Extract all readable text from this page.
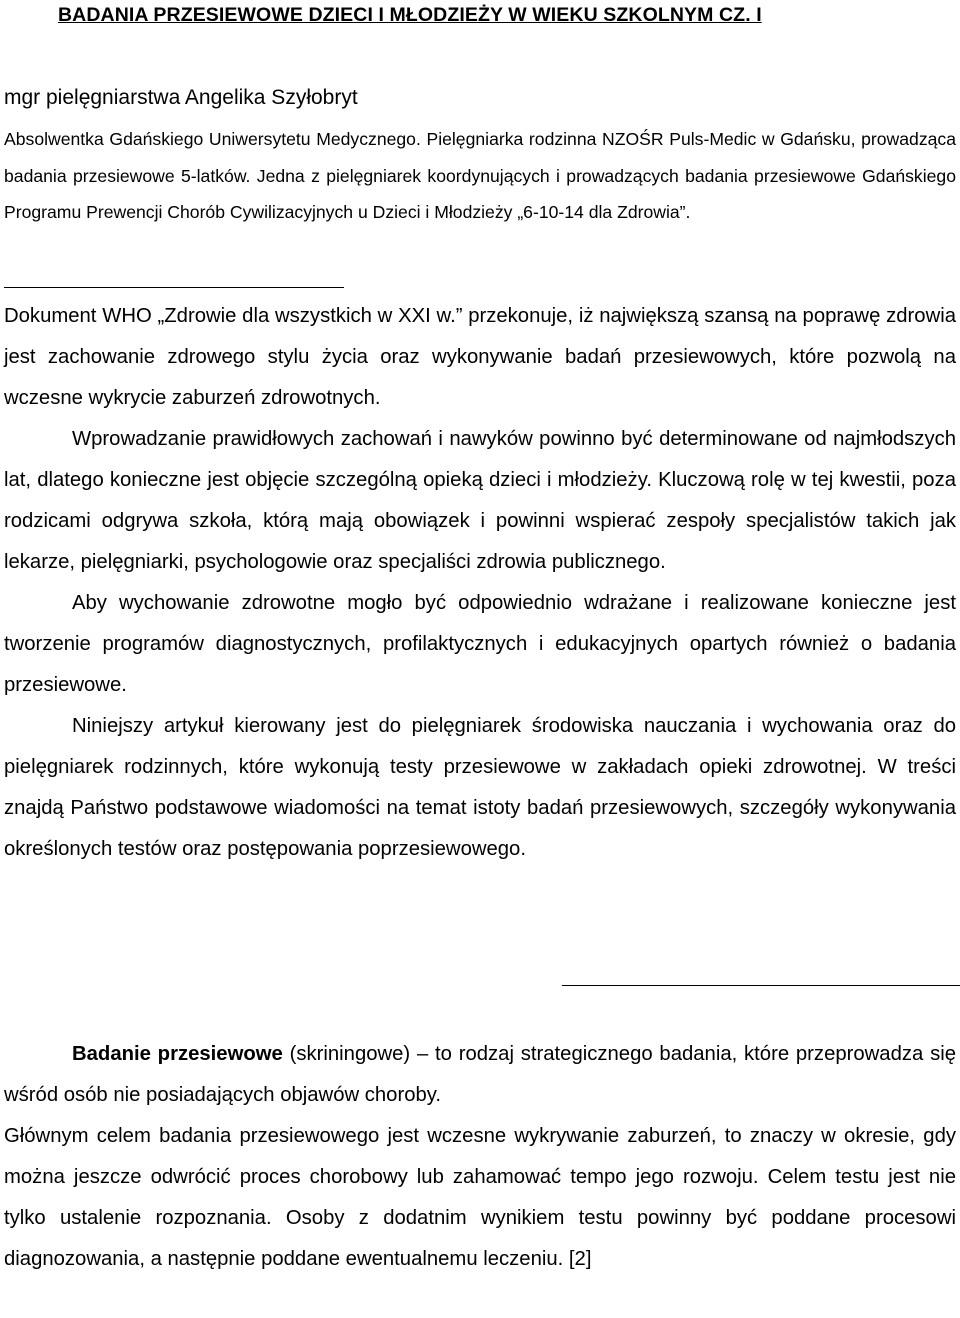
BADANIA PRZESIEWOWE DZIECI I MŁODZIEŻY W WIEKU SZKOLNYM CZ. I
mgr pielęgniarstwa Angelika Szyłobryt
Absolwentka Gdańskiego Uniwersytetu Medycznego. Pielęgniarka rodzinna NZOŚR Puls-Medic w Gdańsku, prowadząca badania przesiewowe 5-latków. Jedna z pielęgniarek koordynujących i prowadzących badania przesiewowe Gdańskiego Programu Prewencji Chorób Cywilizacyjnych u Dzieci i Młodzieży „6-10-14 dla Zdrowia”.

Dokument WHO „Zdrowie dla wszystkich w XXI w.” przekonuje, iż największą szansą na poprawę zdrowia jest zachowanie zdrowego stylu życia oraz wykonywanie badań przesiewowych, które pozwolą na wczesne wykrycie zaburzeń zdrowotnych.

Wprowadzanie prawidłowych zachowań i nawyków powinno być determinowane od najmłodszych lat, dlatego konieczne jest objęcie szczególną opieką dzieci i młodzieży. Kluczową rolę w tej kwestii, poza rodzicami odgrywa szkoła, którą mają obowiązek i powinni wspierać zespoły specjalistów takich jak lekarze, pielęgniarki, psychologowie oraz specjaliści zdrowia publicznego.

Aby wychowanie zdrowotne mogło być odpowiednio wdrażane i realizowane konieczne jest tworzenie programów diagnostycznych, profilaktycznych i edukacyjnych opartych również o badania przesiewowe.

Niniejszy artykuł kierowany jest do pielęgniarek środowiska nauczania i wychowania oraz do pielęgniarek rodzinnych, które wykonują testy przesiewowe w zakładach opieki zdrowotnej. W treści znajdą Państwo podstawowe wiadomości na temat istoty badań przesiewowych, szczegóły wykonywania określonych testów oraz postępowania poprzesiewowego.

Badanie przesiewowe (skriningowe) – to rodzaj strategicznego badania, które przeprowadza się wśród osób nie posiadających objawów choroby.

Głównym celem badania przesiewowego jest wczesne wykrywanie zaburzeń, to znaczy w okresie, gdy można jeszcze odwrócić proces chorobowy lub zahamować tempo jego rozwoju. Celem testu jest nie tylko ustalenie rozpoznania. Osoby z dodatnim wynikiem testu powinny być poddane procesowi diagnozowania, a następnie poddane ewentualnemu leczeniu. [2]
